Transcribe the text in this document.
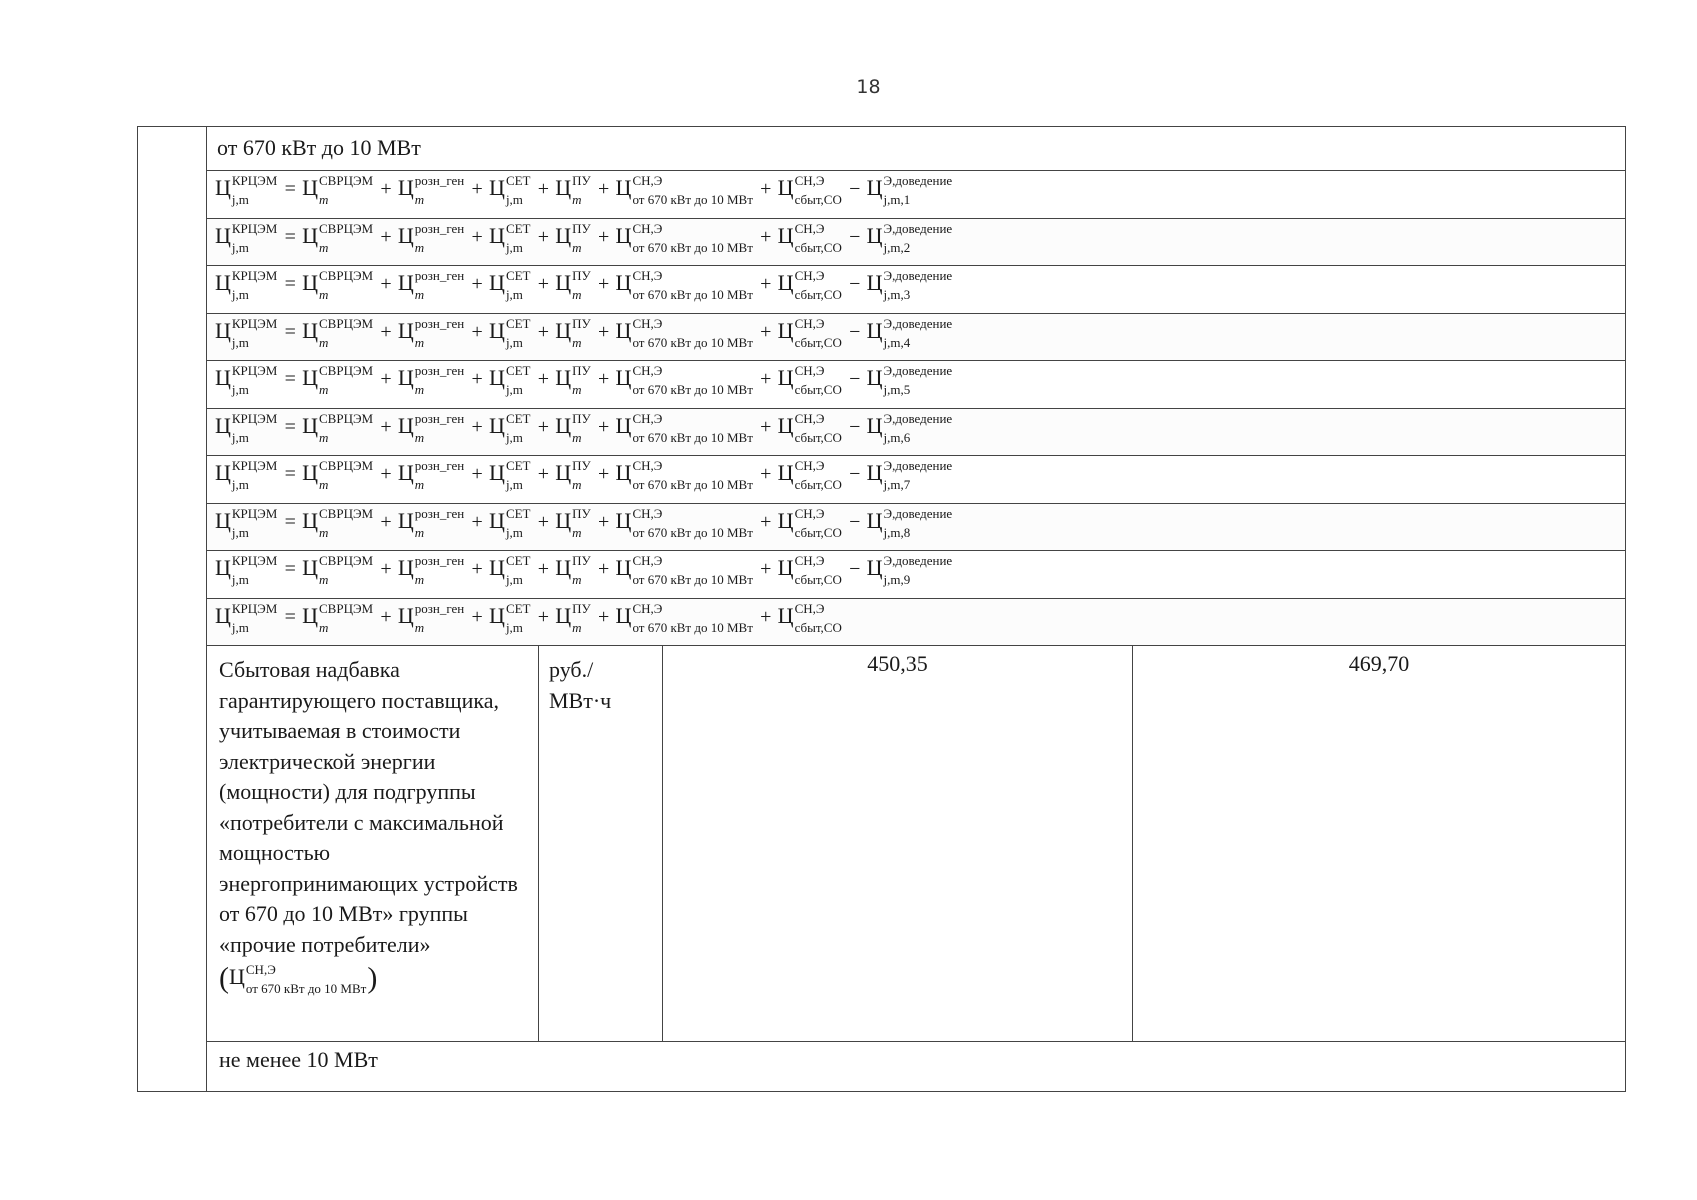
18
от 670 кВт до 10 МВт
Ц КРЦЭМ
j,m	= Ц СВРЦЭМ
m	+ Ц розн_ген
m	+ Ц СЕТ
j,m + Ц ПУ
m + Ц СН,Э
от 670 кВт до 10 МВт + Ц СН,Э
сбыт,СО − Ц Э,доведение
j,m,1
Ц КРЦЭМ
j,m	= Ц СВРЦЭМ
m	+ Ц розн_ген
m	+ Ц СЕТ
j,m + Ц ПУ
m + Ц СН,Э
от 670 кВт до 10 МВт + Ц СН,Э
сбыт,СО − Ц Э,доведение
j,m,2
Ц КРЦЭМ
j,m	= Ц СВРЦЭМ
m	+ Ц розн_ген
m	+ Ц СЕТ
j,m + Ц ПУ
m + Ц СН,Э
от 670 кВт до 10 МВт + Ц СН,Э
сбыт,СО − Ц Э,доведение
j,m,3
Ц КРЦЭМ
j,m	= Ц СВРЦЭМ
m	+ Ц розн_ген
m	+ Ц СЕТ
j,m + Ц ПУ
m + Ц СН,Э
от 670 кВт до 10 МВт + Ц СН,Э
сбыт,СО − Ц Э,доведение
j,m,4
Ц КРЦЭМ
j,m	= Ц СВРЦЭМ
m	+ Ц розн_ген
m	+ Ц СЕТ
j,m + Ц ПУ
m + Ц СН,Э
от 670 кВт до 10 МВт + Ц СН,Э
сбыт,СО − Ц Э,доведение
j,m,5
Ц КРЦЭМ
j,m	= Ц СВРЦЭМ
m	+ Ц розн_ген
m	+ Ц СЕТ
j,m + Ц ПУ
m + Ц СН,Э
от 670 кВт до 10 МВт + Ц СН,Э
сбыт,СО − Ц Э,доведение
j,m,6
Ц КРЦЭМ
j,m	= Ц СВРЦЭМ
m	+ Ц розн_ген
m	+ Ц СЕТ
j,m + Ц ПУ
m + Ц СН,Э
от 670 кВт до 10 МВт + Ц СН,Э
сбыт,СО − Ц Э,доведение
j,m,7
Ц КРЦЭМ
j,m	= Ц СВРЦЭМ
m	+ Ц розн_ген
m	+ Ц СЕТ
j,m + Ц ПУ
m + Ц СН,Э
от 670 кВт до 10 МВт + Ц СН,Э
сбыт,СО − Ц Э,доведение
j,m,8
Ц КРЦЭМ
j,m	= Ц СВРЦЭМ
m	+ Ц розн_ген
m	+ Ц СЕТ
j,m + Ц ПУ
m + Ц СН,Э
от 670 кВт до 10 МВт + Ц СН,Э
сбыт,СО − Ц Э,доведение
j,m,9
Ц КРЦЭМ
j,m	= Ц СВРЦЭМ
m	+ Ц розн_ген
m	+ Ц СЕТ
j,m + Ц ПУ
m + Ц СН,Э
от 670 кВт до 10 МВт + Ц СН,Э
сбыт,СО
Сбытовая надбавка гарантирующего поставщика, учитываемая в стоимости электрической энергии (мощности) для подгруппы «потребители с максимальной мощностью энергопринимающих устройств от 670 до 10 МВт» группы «прочие потребители»
(Ц СН,Э
от 670 кВт до 10 МВт )
руб./
МВт·ч
450,35	469,70
не менее 10 МВт
